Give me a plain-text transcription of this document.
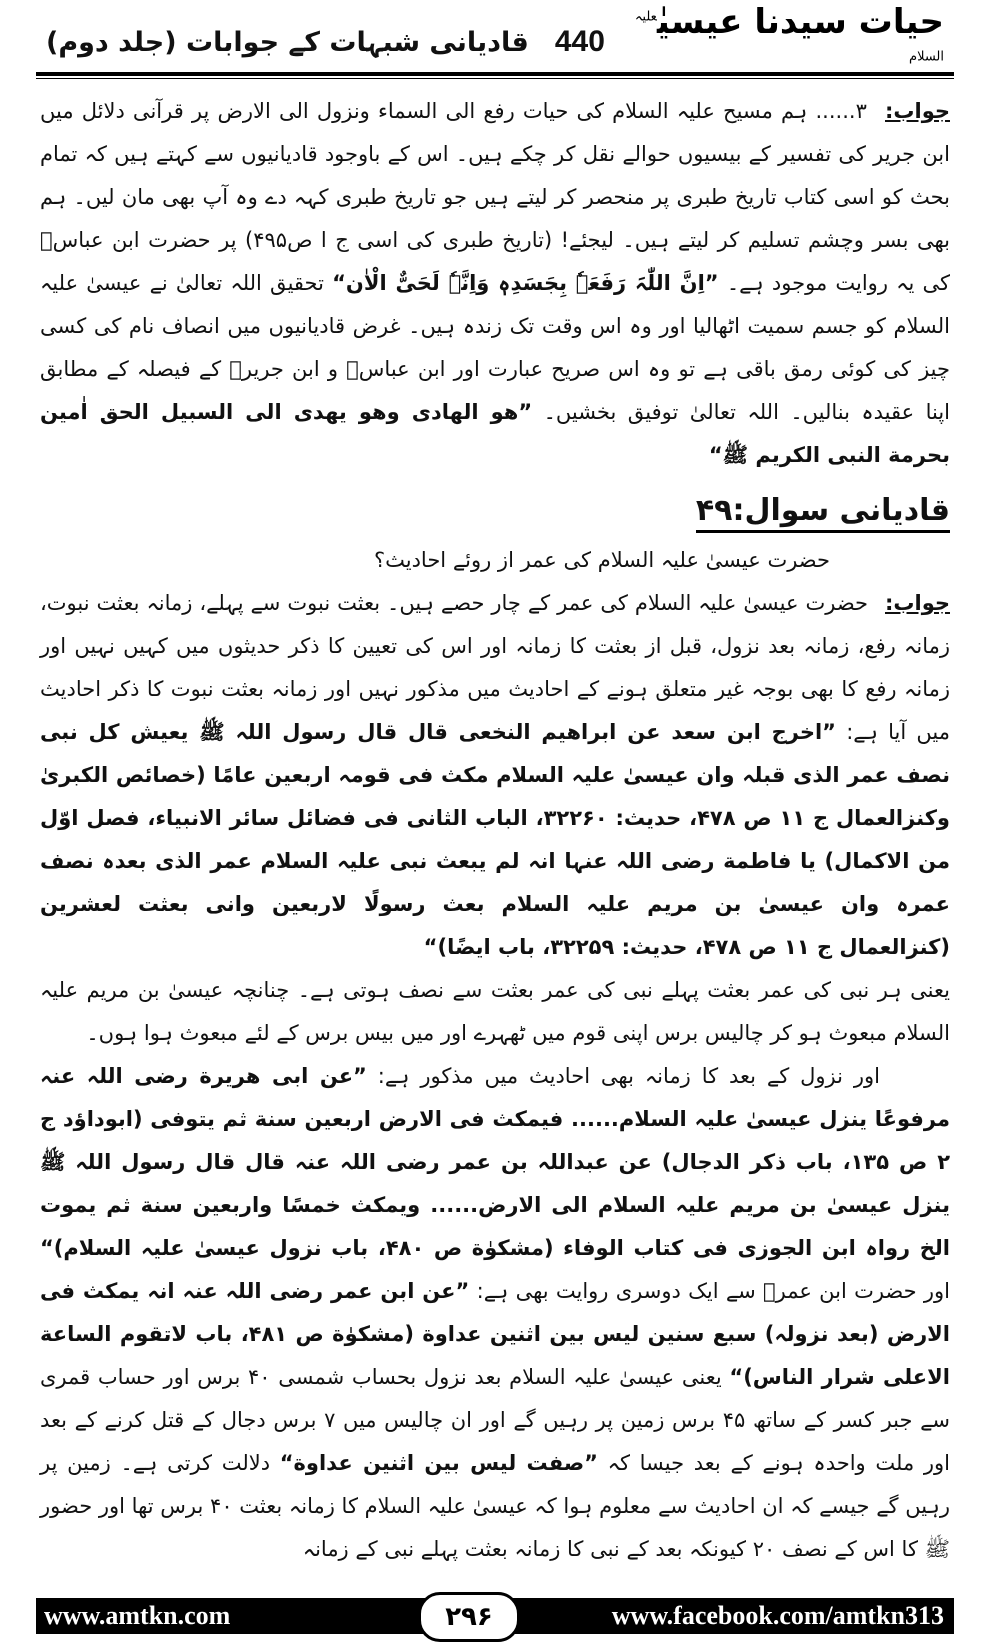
حیات سیدنا عیسیٰ$^{علیہ السلام}$
440
قادیانی شبہات کے جوابات (جلد دوم)

جواب: ۳...... ہم مسیح علیہ السلام کی حیات رفع الی السماء ونزول الی الارض پر قرآنی دلائل میں ابن جریر کی تفسیر کے بیسیوں حوالے نقل کر چکے ہیں۔ اس کے باوجود قادیانیوں سے کہتے ہیں کہ تمام بحث کو اسی کتاب تاریخ طبری پر منحصر کر لیتے ہیں جو تاریخ طبری کہہ دے وہ آپ بھی مان لیں۔ ہم بھی بسر وچشم تسلیم کر لیتے ہیں۔ لیجئے! (تاریخ طبری کی اسی ج ا ص۴۹۵) پر حضرت ابن عباسؓ کی یہ روایت موجود ہے۔ ”اِنَّ اللّٰہَ رَفَعَہٗ بِجَسَدِہٖ وَاِنَّہٗ لَحَیٌّ الْاٰن“ تحقیق اللہ تعالیٰ نے عیسیٰ علیہ السلام کو جسم سمیت اٹھالیا اور وہ اس وقت تک زندہ ہیں۔ غرض قادیانیوں میں انصاف نام کی کسی چیز کی کوئی رمق باقی ہے تو وہ اس صریح عبارت اور ابن عباسؓ و ابن جریرؒ کے فیصلہ کے مطابق اپنا عقیدہ بنالیں۔ اللہ تعالیٰ توفیق بخشیں۔ ”ھو الھادی وھو یھدی الی السبیل الحق اٰمین بحرمة النبی الکریم ﷺ“

قادیانی سوال:۴۹

حضرت عیسیٰ علیہ السلام کی عمر از روئے احادیث؟

جواب: حضرت عیسیٰ علیہ السلام کی عمر کے چار حصے ہیں۔ بعثت نبوت سے پہلے، زمانہ بعثت نبوت، زمانہ رفع، زمانہ بعد نزول، قبل از بعثت کا زمانہ اور اس کی تعیین کا ذکر حدیثوں میں کہیں نہیں اور زمانہ رفع کا بھی بوجہ غیر متعلق ہونے کے احادیث میں مذکور نہیں اور زمانہ بعثت نبوت کا ذکر احادیث میں آیا ہے: ”اخرج ابن سعد عن ابراھیم النخعی قال قال رسول اللہ ﷺ یعیش کل نبی نصف عمر الذی قبلہ وان عیسیٰ علیہ السلام مکث فی قومہ اربعین عامًا (خصائص الکبریٰ وکنزالعمال ج ۱۱ ص ۴۷۸، حدیث: ۳۲۲۶۰، الباب الثانی فی فضائل سائر الانبیاء، فصل اوّل من الاکمال) یا فاطمة رضی اللہ عنہا انہ لم یبعث نبی علیہ السلام عمر الذی بعدہ نصف عمرہ وان عیسیٰ بن مریم علیہ السلام بعث رسولًا لاربعین وانی بعثت لعشرین (کنزالعمال ج ۱۱ ص ۴۷۸، حدیث: ۳۲۲۵۹، باب ایضًا)“

یعنی ہر نبی کی عمر بعثت پہلے نبی کی عمر بعثت سے نصف ہوتی ہے۔ چنانچہ عیسیٰ بن مریم علیہ السلام مبعوث ہو کر چالیس برس اپنی قوم میں ٹھہرے اور میں بیس برس کے لئے مبعوث ہوا ہوں۔

اور نزول کے بعد کا زمانہ بھی احادیث میں مذکور ہے: ”عن ابی ھریرة رضی اللہ عنہ مرفوعًا ینزل عیسیٰ علیہ السلام...... فیمکث فی الارض اربعین سنة ثم یتوفی (ابوداؤد ج ۲ ص ۱۳۵، باب ذکر الدجال) عن عبداللہ بن عمر رضی اللہ عنہ قال قال رسول اللہ ﷺ ینزل عیسیٰ بن مریم علیہ السلام الی الارض...... ویمکث خمسًا واربعین سنة ثم یموت الخ رواہ ابن الجوزی فی کتاب الوفاء (مشکوٰة ص ۴۸۰، باب نزول عیسیٰ علیہ السلام)“ اور حضرت ابن عمرؓ سے ایک دوسری روایت بھی ہے: ”عن ابن عمر رضی اللہ عنہ انہ یمکث فی الارض (بعد نزولہ) سبع سنین لیس بین اثنین عداوة (مشکوٰة ص ۴۸۱، باب لاتقوم الساعة الاعلی شرار الناس)“ یعنی عیسیٰ علیہ السلام بعد نزول بحساب شمسی ۴۰ برس اور حساب قمری سے جبر کسر کے ساتھ ۴۵ برس زمین پر رہیں گے اور ان چالیس میں ۷ برس دجال کے قتل کرنے کے بعد اور ملت واحدہ ہونے کے بعد جیسا کہ ”صفت لیس بین اثنین عداوة“ دلالت کرتی ہے۔ زمین پر رہیں گے جیسے کہ ان احادیث سے معلوم ہوا کہ عیسیٰ علیہ السلام کا زمانہ بعثت ۴۰ برس تھا اور حضور ﷺ کا اس کے نصف ۲۰ کیونکہ بعد کے نبی کا زمانہ بعثت پہلے نبی کے زمانہ

www.amtkn.com	۲۹۶	www.facebook.com/amtkn313
